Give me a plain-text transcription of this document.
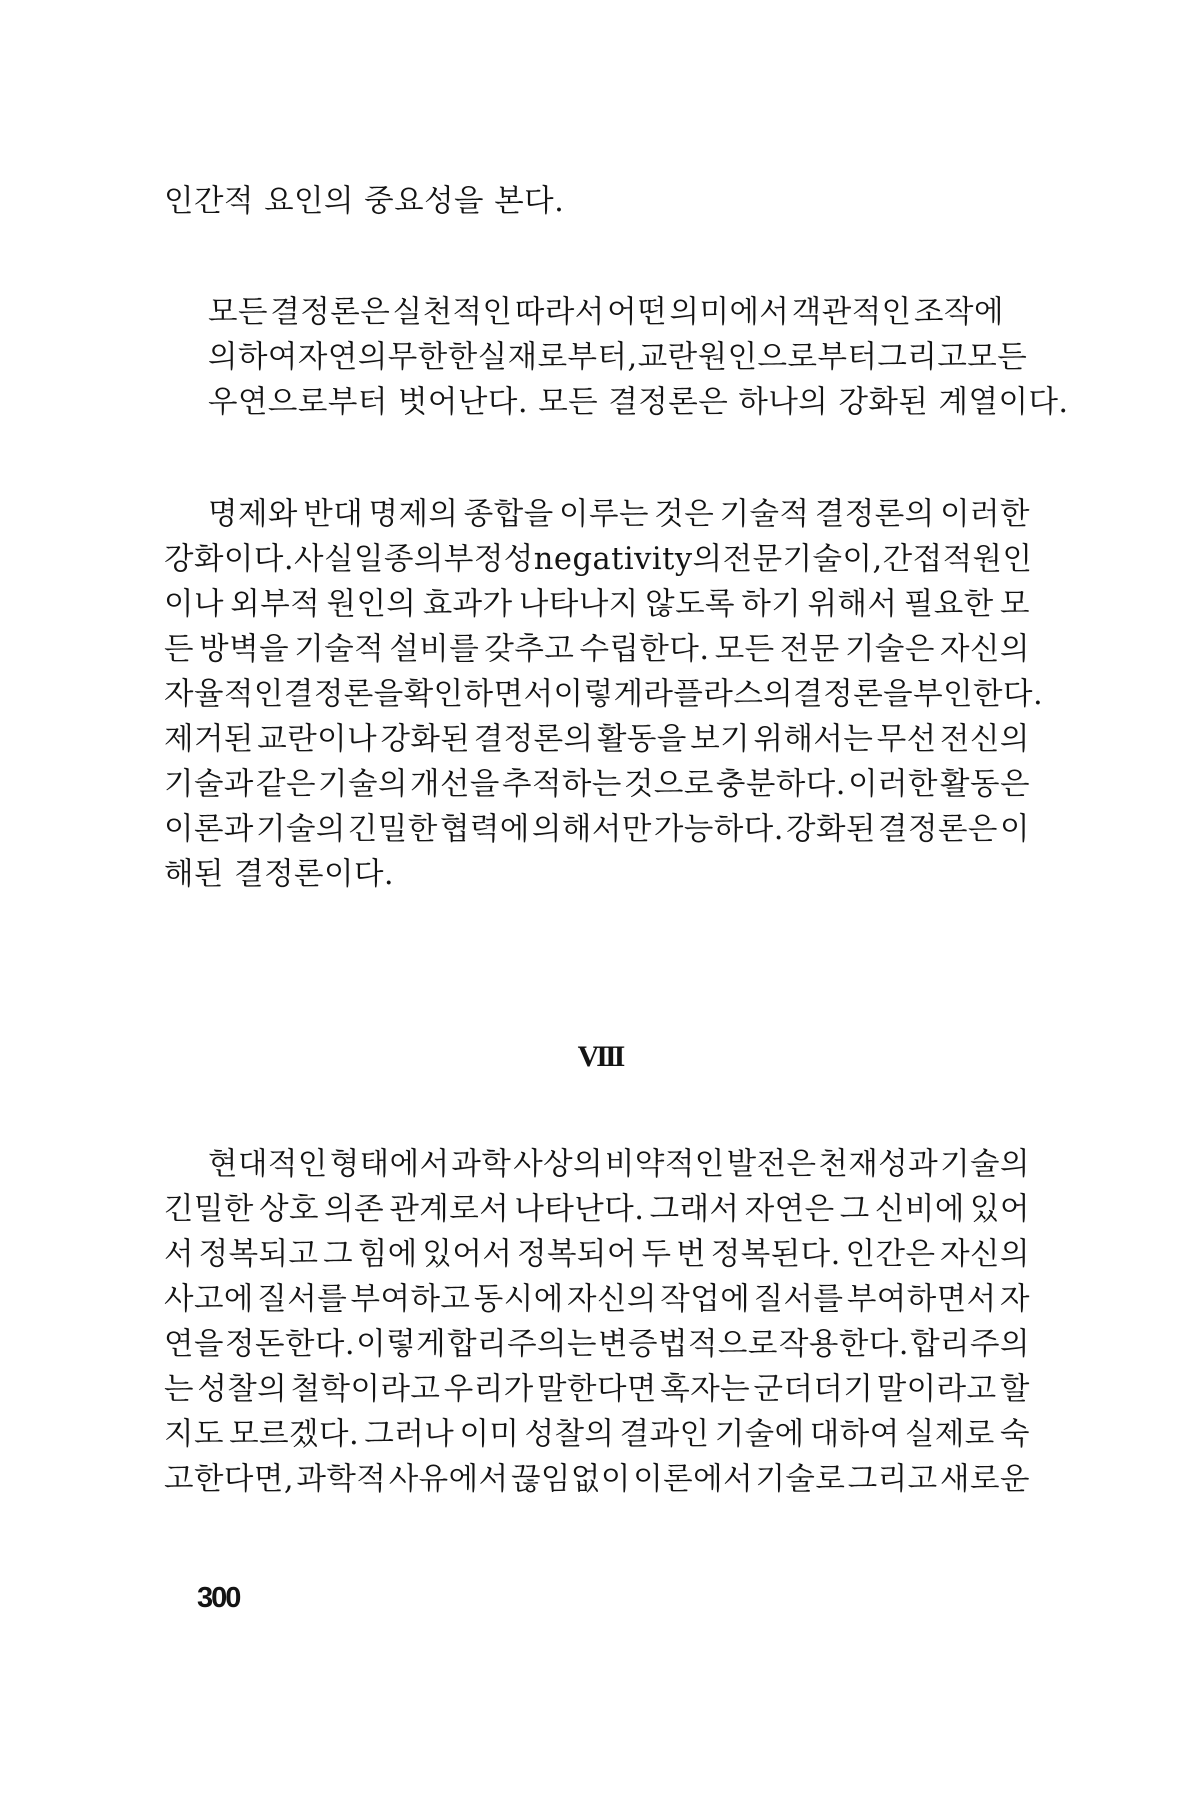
인간적 요인의 중요성을 본다.
모든 결정론은 실천적인 따라서 어떤 의미에서 객관적인 조작에
의하여 자연의 무한한 실재로부터, 교란 원인으로부터 그리고 모든
우연으로부터 벗어난다. 모든 결정론은 하나의 강화된 계열이다.
명제와 반대 명제의 종합을 이루는 것은 기술적 결정론의 이러한
강화이다. 사실 일종의 부정성 negativity의 전문 기술이, 간접적 원인
이나 외부적 원인의 효과가 나타나지 않도록 하기 위해서 필요한 모
든 방벽을 기술적 설비를 갖추고 수립한다. 모든 전문 기술은 자신의
자율적인 결정론을 확인하면서 이렇게 라플라스의 결정론을 부인한다.
제거된 교란이나 강화된 결정론의 활동을 보기 위해서는 무선 전신의
기술과 같은 기술의 개선을 추적하는 것으로 충분하다. 이러한 활동은
이론과 기술의 긴밀한 협력에 의해서만 가능하다. 강화된 결정론은 이
해된 결정론이다.
VIII
현대적인 형태에서 과학 사상의 비약적인 발전은 천재성과 기술의
긴밀한 상호 의존 관계로서 나타난다. 그래서 자연은 그 신비에 있어
서 정복되고 그 힘에 있어서 정복되어 두 번 정복된다. 인간은 자신의
사고에 질서를 부여하고 동시에 자신의 작업에 질서를 부여하면서 자
연을 정돈한다. 이렇게 합리주의는 변증법적으로 작용한다. 합리주의
는 성찰의 철학이라고 우리가 말한다면 혹자는 군더더기 말이라고 할
지도 모르겠다. 그러나 이미 성찰의 결과인 기술에 대하여 실제로 숙
고한다면, 과학적 사유에서 끊임없이 이론에서 기술로 그리고 새로운
300
